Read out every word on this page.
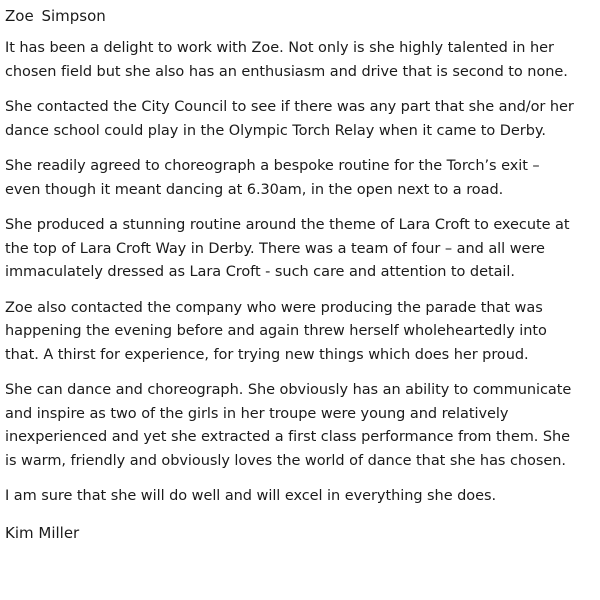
Zoe Simpson
It has been a delight to work with Zoe. Not only is she highly talented in her
chosen field but she also has an enthusiasm and drive that is second to none.
She contacted the City Council to see if there was any part that she and/or her
dance school could play in the Olympic Torch Relay when it came to Derby.
She readily agreed to choreograph a bespoke routine for the Torch’s exit –
even though it meant dancing at 6.30am, in the open next to a road.
She produced a stunning routine around the theme of Lara Croft to execute at
the top of Lara Croft Way in Derby. There was a team of four – and all were
immaculately dressed as Lara Croft - such care and attention to detail.
Zoe also contacted the company who were producing the parade that was
happening the evening before and again threw herself wholeheartedly into
that. A thirst for experience, for trying new things which does her proud.
She can dance and choreograph. She obviously has an ability to communicate
and inspire as two of the girls in her troupe were young and relatively
inexperienced and yet she extracted a first class performance from them. She
is warm, friendly and obviously loves the world of dance that she has chosen.
I am sure that she will do well and will excel in everything she does.
Kim Miller
